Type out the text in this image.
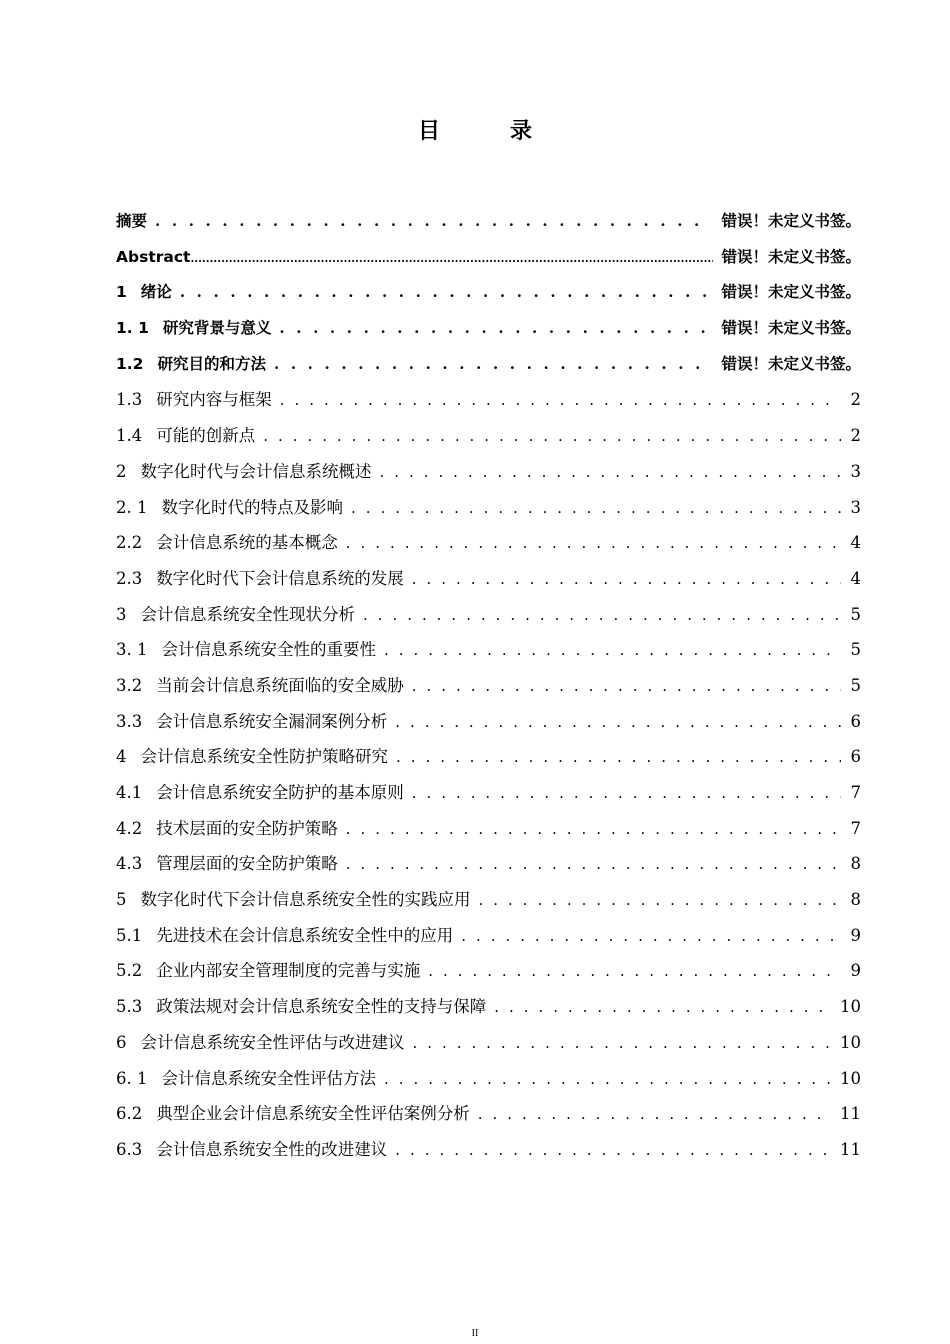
目　录
摘要 . . .	错误！未定义书签。
Abstract .....	错误！未定义书签。
1 绪论 . . .	错误！未定义书签。
1. 1 研究背景与意义 . . .	错误！未定义书签。
1.2 研究目的和方法 . . .	错误！未定义书签。
1.3 研究内容与框架 . . .	2
1.4 可能的创新点 . . .	2
2 数字化时代与会计信息系统概述 . . .	3
2. 1 数字化时代的特点及影响 . . .	3
2.2 会计信息系统的基本概念 . . .	4
2.3 数字化时代下会计信息系统的发展 . . .	4
3 会计信息系统安全性现状分析 . . .	5
3. 1 会计信息系统安全性的重要性 . . .	5
3.2 当前会计信息系统面临的安全威胁 . . .	5
3.3 会计信息系统安全漏洞案例分析 . . .	6
4 会计信息系统安全性防护策略研究 . . .	6
4.1 会计信息系统安全防护的基本原则 . . .	7
4.2 技术层面的安全防护策略 . . .	7
4.3 管理层面的安全防护策略 . . .	8
5 数字化时代下会计信息系统安全性的实践应用 . . .	8
5.1 先进技术在会计信息系统安全性中的应用 . . .	9
5.2 企业内部安全管理制度的完善与实施 . . .	9
5.3 政策法规对会计信息系统安全性的支持与保障 . . .	10
6 会计信息系统安全性评估与改进建议 . . .	10
6. 1 会计信息系统安全性评估方法 . . .	10
6.2 典型企业会计信息系统安全性评估案例分析 . . .	11
6.3 会计信息系统安全性的改进建议 . . .	11
II
